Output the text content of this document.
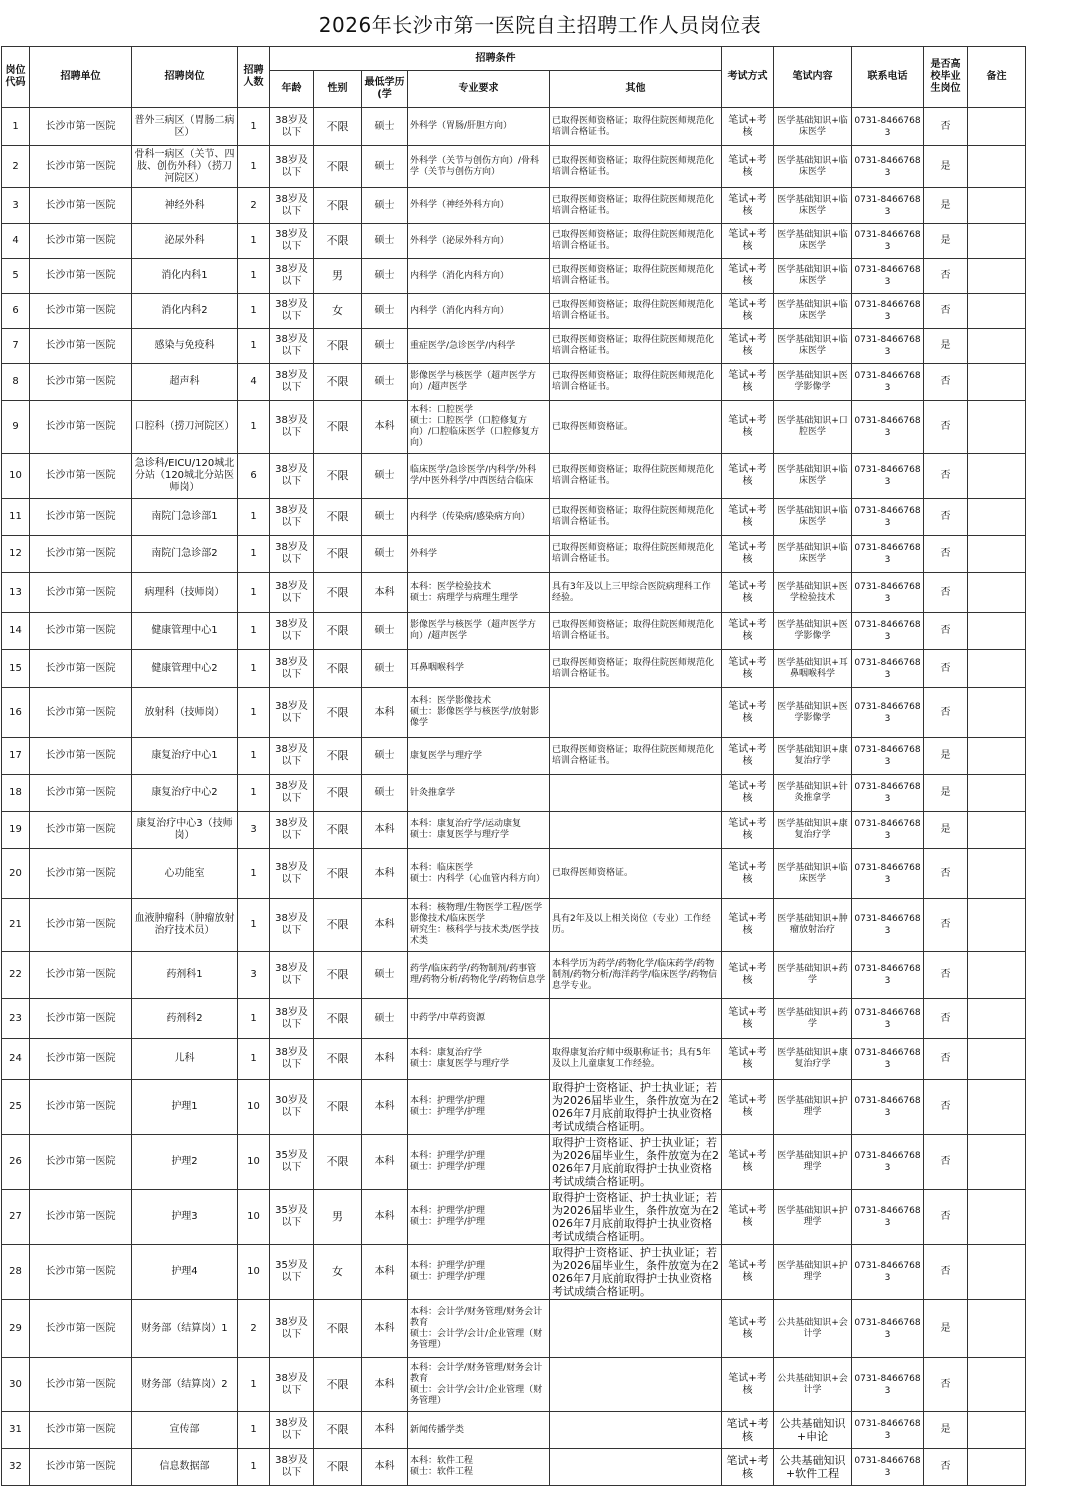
2026年长沙市第一医院自主招聘工作人员岗位表
岗位代码	招聘单位	招聘岗位	招聘人数	招聘条件					考试方式	笔试内容	联系电话	是否高校毕业生岗位	备注
				年龄	性别	最低学历(学	专业要求	其他					
1	长沙市第一医院	普外三病区（胃肠二病区）	1	38岁及以下	不限	硕士	外科学（胃肠/肝胆方向）	已取得医师资格证；取得住院医师规范化培训合格证书。	笔试+考核	医学基础知识+临床医学	0731-84667683	否	
2	长沙市第一医院	骨科一病区（关节、四肢、创伤外科）（捞刀河院区）	1	38岁及以下	不限	硕士	外科学（关节与创伤方向）/骨科学（关节与创伤方向）	已取得医师资格证；取得住院医师规范化培训合格证书。	笔试+考核	医学基础知识+临床医学	0731-84667683	是	
3	长沙市第一医院	神经外科	2	38岁及以下	不限	硕士	外科学（神经外科方向）	已取得医师资格证；取得住院医师规范化培训合格证书。	笔试+考核	医学基础知识+临床医学	0731-84667683	是	
4	长沙市第一医院	泌尿外科	1	38岁及以下	不限	硕士	外科学（泌尿外科方向）	已取得医师资格证；取得住院医师规范化培训合格证书。	笔试+考核	医学基础知识+临床医学	0731-84667683	是	
5	长沙市第一医院	消化内科1	1	38岁及以下	男	硕士	内科学（消化内科方向）	已取得医师资格证；取得住院医师规范化培训合格证书。	笔试+考核	医学基础知识+临床医学	0731-84667683	否	
6	长沙市第一医院	消化内科2	1	38岁及以下	女	硕士	内科学（消化内科方向）	已取得医师资格证；取得住院医师规范化培训合格证书。	笔试+考核	医学基础知识+临床医学	0731-84667683	否	
7	长沙市第一医院	感染与免疫科	1	38岁及以下	不限	硕士	重症医学/急诊医学/内科学	已取得医师资格证；取得住院医师规范化培训合格证书。	笔试+考核	医学基础知识+临床医学	0731-84667683	是	
8	长沙市第一医院	超声科	4	38岁及以下	不限	硕士	影像医学与核医学（超声医学方向）/超声医学	已取得医师资格证；取得住院医师规范化培训合格证书。	笔试+考核	医学基础知识+医学影像学	0731-84667683	否	
9	长沙市第一医院	口腔科（捞刀河院区）	1	38岁及以下	不限	本科	本科：口腔医学
硕士：口腔医学（口腔修复方向）/口腔临床医学（口腔修复方向）	已取得医师资格证。	笔试+考核	医学基础知识+口腔医学	0731-84667683	否	
10	长沙市第一医院	急诊科/EICU/120城北分站（120城北分站医师岗）	6	38岁及以下	不限	硕士	临床医学/急诊医学/内科学/外科学/中医外科学/中西医结合临床	已取得医师资格证；取得住院医师规范化培训合格证书。	笔试+考核	医学基础知识+临床医学	0731-84667683	否	
11	长沙市第一医院	南院门急诊部1	1	38岁及以下	不限	硕士	内科学（传染病/感染病方向）	已取得医师资格证；取得住院医师规范化培训合格证书。	笔试+考核	医学基础知识+临床医学	0731-84667683	否	
12	长沙市第一医院	南院门急诊部2	1	38岁及以下	不限	硕士	外科学	已取得医师资格证；取得住院医师规范化培训合格证书。	笔试+考核	医学基础知识+临床医学	0731-84667683	否	
13	长沙市第一医院	病理科（技师岗）	1	38岁及以下	不限	本科	本科：医学检验技术
硕士：病理学与病理生理学	具有3年及以上三甲综合医院病理科工作经验。	笔试+考核	医学基础知识+医学检验技术	0731-84667683	否	
14	长沙市第一医院	健康管理中心1	1	38岁及以下	不限	硕士	影像医学与核医学（超声医学方向）/超声医学	已取得医师资格证；取得住院医师规范化培训合格证书。	笔试+考核	医学基础知识+医学影像学	0731-84667683	否	
15	长沙市第一医院	健康管理中心2	1	38岁及以下	不限	硕士	耳鼻咽喉科学	已取得医师资格证；取得住院医师规范化培训合格证书。	笔试+考核	医学基础知识+耳鼻咽喉科学	0731-84667683	否	
16	长沙市第一医院	放射科（技师岗）	1	38岁及以下	不限	本科	本科：医学影像技术
硕士：影像医学与核医学/放射影像学		笔试+考核	医学基础知识+医学影像学	0731-84667683	否	
17	长沙市第一医院	康复治疗中心1	1	38岁及以下	不限	硕士	康复医学与理疗学	已取得医师资格证；取得住院医师规范化培训合格证书。	笔试+考核	医学基础知识+康复治疗学	0731-84667683	是	
18	长沙市第一医院	康复治疗中心2	1	38岁及以下	不限	硕士	针灸推拿学		笔试+考核	医学基础知识+针灸推拿学	0731-84667683	是	
19	长沙市第一医院	康复治疗中心3（技师岗）	3	38岁及以下	不限	本科	本科：康复治疗学/运动康复
硕士：康复医学与理疗学		笔试+考核	医学基础知识+康复治疗学	0731-84667683	是	
20	长沙市第一医院	心功能室	1	38岁及以下	不限	本科	本科：临床医学
硕士：内科学（心血管内科方向）	已取得医师资格证。	笔试+考核	医学基础知识+临床医学	0731-84667683	否	
21	长沙市第一医院	血液肿瘤科（肿瘤放射治疗技术员）	1	38岁及以下	不限	本科	本科：核物理/生物医学工程/医学影像技术/临床医学
研究生：核科学与技术类/医学技术类	具有2年及以上相关岗位（专业）工作经历。	笔试+考核	医学基础知识+肿瘤放射治疗	0731-84667683	否	
22	长沙市第一医院	药剂科1	3	38岁及以下	不限	硕士	药学/临床药学/药物制剂/药事管理/药物分析/药物化学/药物信息学	本科学历为药学/药物化学/临床药学/药物制剂/药物分析/海洋药学/临床医学/药物信息学专业。	笔试+考核	医学基础知识+药学	0731-84667683	否	
23	长沙市第一医院	药剂科2	1	38岁及以下	不限	硕士	中药学/中草药资源		笔试+考核	医学基础知识+药学	0731-84667683	否	
24	长沙市第一医院	儿科	1	38岁及以下	不限	本科	本科：康复治疗学
硕士：康复医学与理疗学	取得康复治疗师中级职称证书；具有5年及以上儿童康复工作经验。	笔试+考核	医学基础知识+康复治疗学	0731-84667683	否	
25	长沙市第一医院	护理1	10	30岁及以下	不限	本科	本科：护理学/护理
硕士：护理学/护理	取得护士资格证、护士执业证；若为2026届毕业生，条件放宽为在2026年7月底前取得护士执业资格考试成绩合格证明。	笔试+考核	医学基础知识+护理学	0731-84667683	否	
26	长沙市第一医院	护理2	10	35岁及以下	不限	本科	本科：护理学/护理
硕士：护理学/护理	取得护士资格证、护士执业证；若为2026届毕业生，条件放宽为在2026年7月底前取得护士执业资格考试成绩合格证明。	笔试+考核	医学基础知识+护理学	0731-84667683	否	
27	长沙市第一医院	护理3	10	35岁及以下	男	本科	本科：护理学/护理
硕士：护理学/护理	取得护士资格证、护士执业证；若为2026届毕业生，条件放宽为在2026年7月底前取得护士执业资格考试成绩合格证明。	笔试+考核	医学基础知识+护理学	0731-84667683	否	
28	长沙市第一医院	护理4	10	35岁及以下	女	本科	本科：护理学/护理
硕士：护理学/护理	取得护士资格证、护士执业证；若为2026届毕业生，条件放宽为在2026年7月底前取得护士执业资格考试成绩合格证明。	笔试+考核	医学基础知识+护理学	0731-84667683	否	
29	长沙市第一医院	财务部（结算岗）1	2	38岁及以下	不限	本科	本科：会计学/财务管理/财务会计教育
硕士：会计学/会计/企业管理（财务管理）		笔试+考核	公共基础知识+会计学	0731-84667683	是	
30	长沙市第一医院	财务部（结算岗）2	1	38岁及以下	不限	本科	本科：会计学/财务管理/财务会计教育
硕士：会计学/会计/企业管理（财务管理）		笔试+考核	公共基础知识+会计学	0731-84667683	否	
31	长沙市第一医院	宣传部	1	38岁及以下	不限	本科	新闻传播学类		笔试+考核	公共基础知识+申论	0731-84667683	是	
32	长沙市第一医院	信息数据部	1	38岁及以下	不限	本科	本科：软件工程
硕士：软件工程		笔试+考核	公共基础知识+软件工程	0731-84667683	否	
